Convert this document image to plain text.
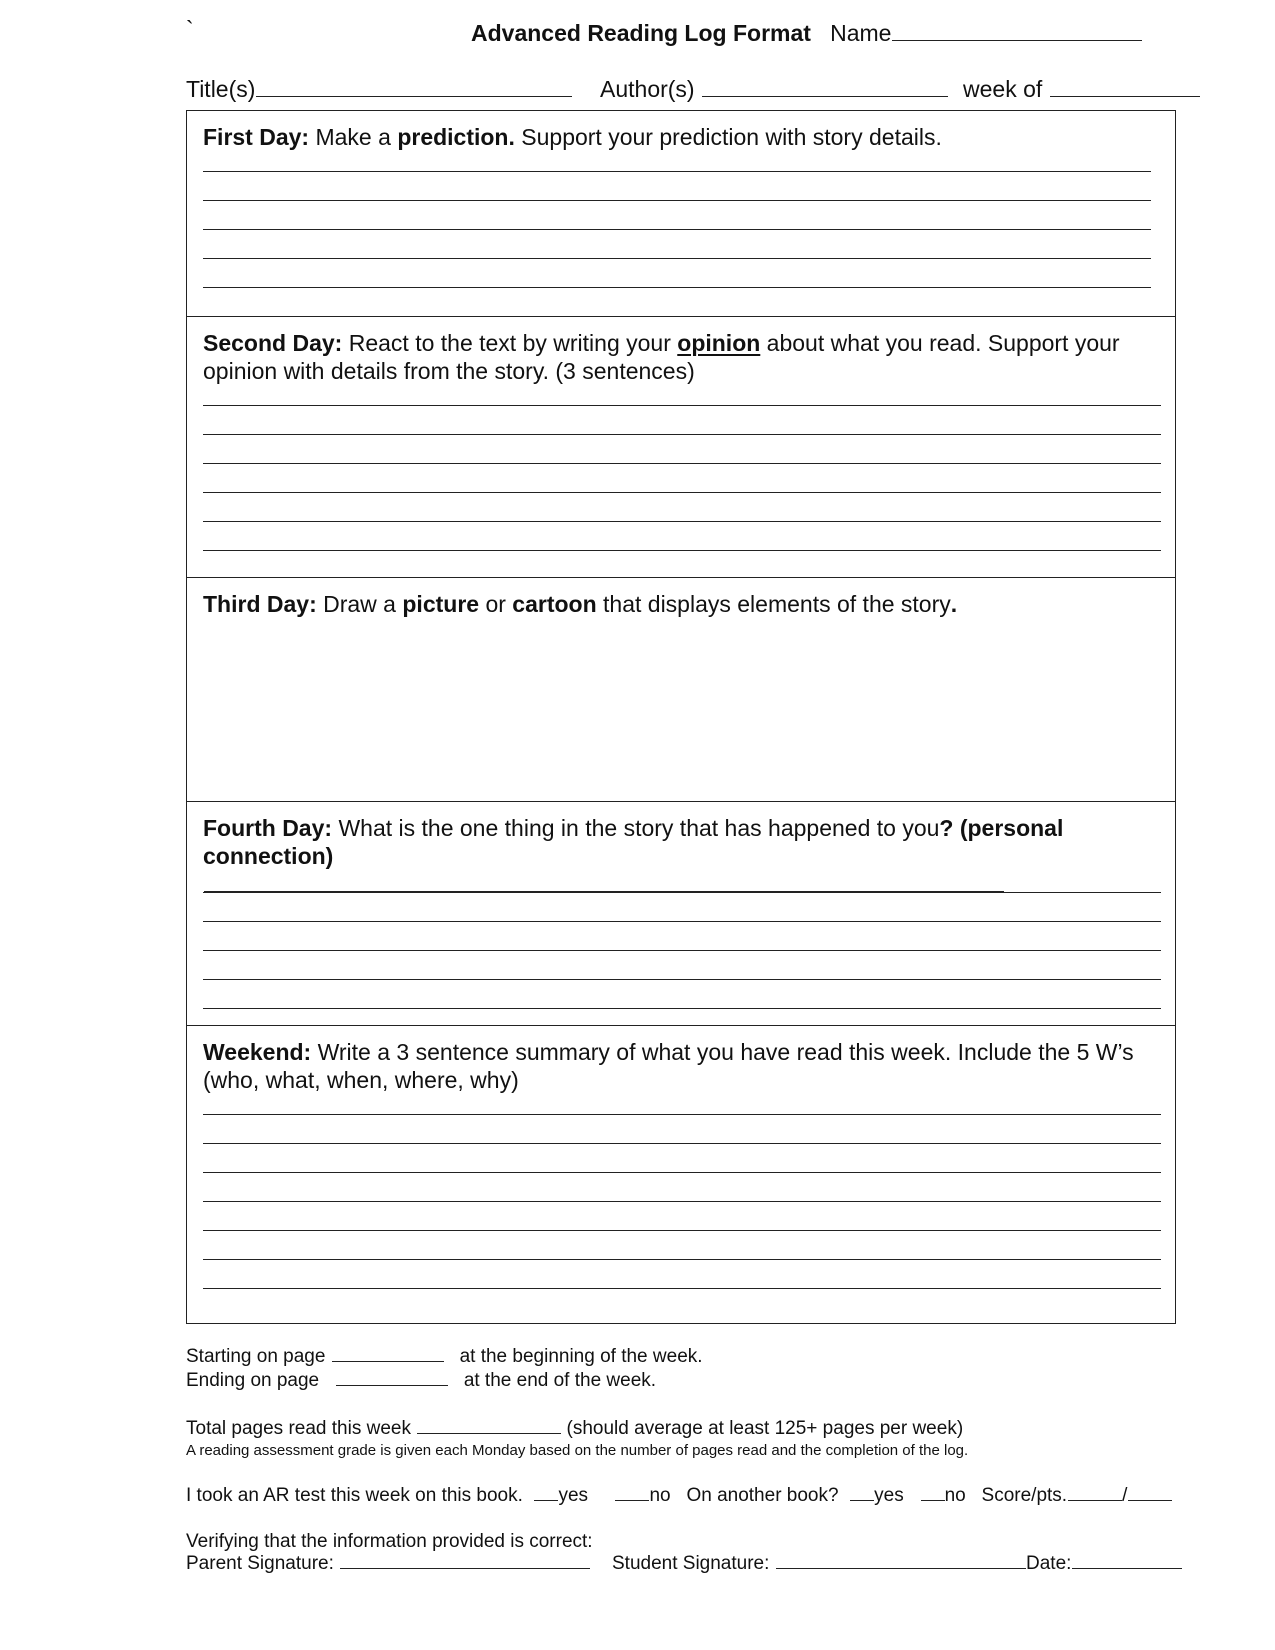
`	Advanced Reading Log Format Name
Title(s)	Author(s)	week of
First Day: Make a prediction. Support your prediction with story details.
Second Day: React to the text by writing your opinion about what you read. Support your opinion with details from the story. (3 sentences)
Third Day: Draw a picture or cartoon that displays elements of the story.
Fourth Day: What is the one thing in the story that has happened to you? (personal connection)
Weekend: Write a 3 sentence summary of what you have read this week. Include the 5 W’s (who, what, when, where, why)
Starting on page	at the beginning of the week.
Ending on page	at the end of the week.
Total pages read this week	(should average at least 125+ pages per week)
A reading assessment grade is given each Monday based on the number of pages read and the completion of the log.
I took an AR test this week on this book. yes	no On another book? yes no Score/pts.	/
Verifying that the information provided is correct:
Parent Signature:	Student Signature:	Date:
